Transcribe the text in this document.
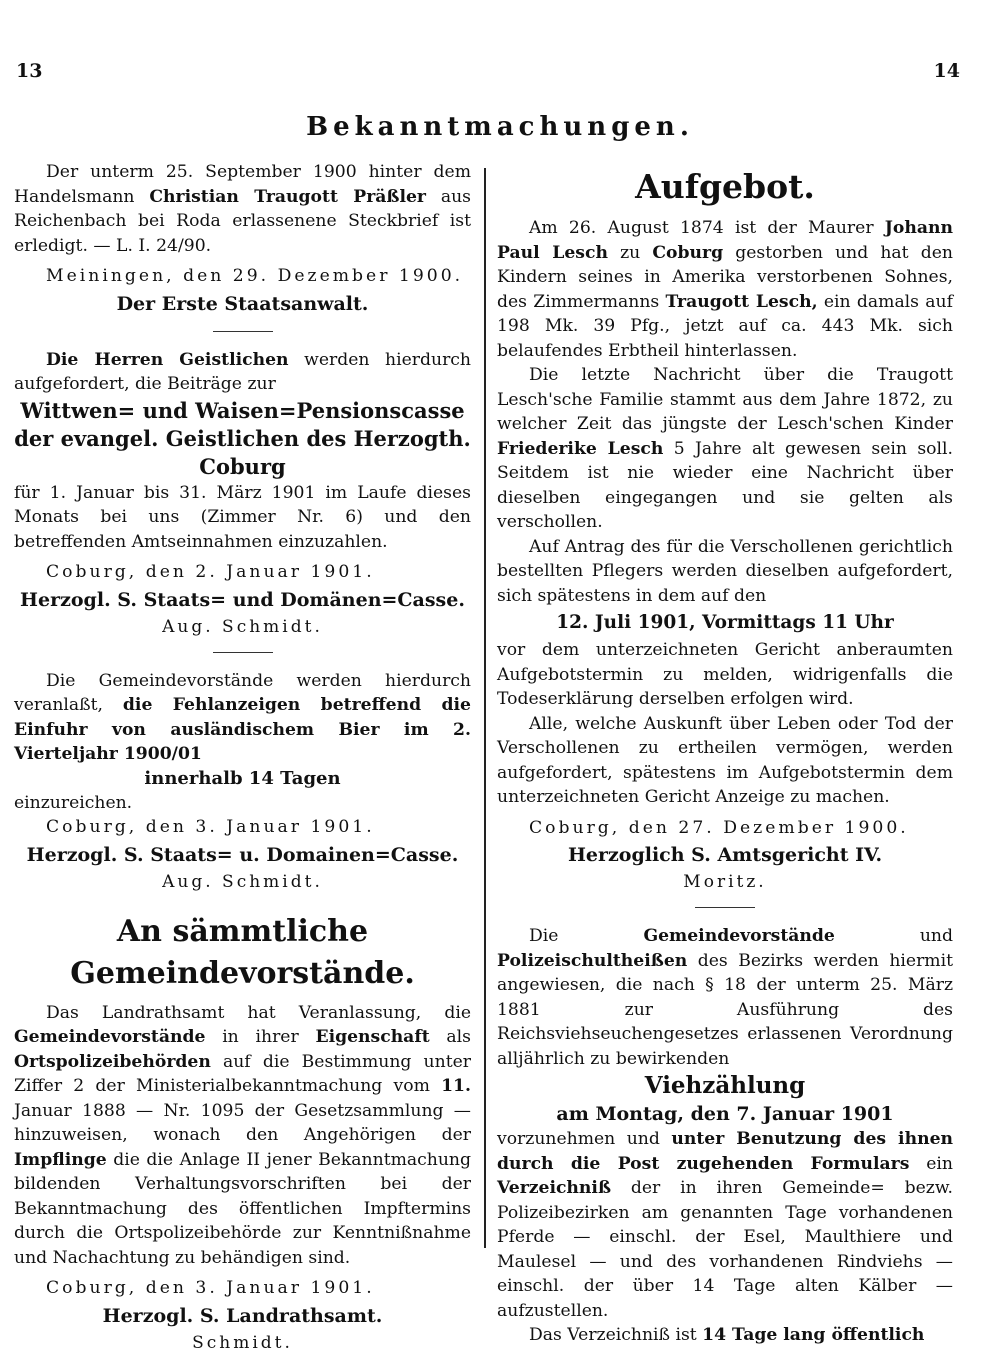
13	14
Bekanntmachungen.

Der unterm 25. September 1900 hinter dem Handelsmann Christian Traugott Präßler aus Reichenbach bei Roda erlassenene Steckbrief ist erledigt. — L. I. 24/90.

Meiningen, den 29. Dezember 1900.

Der Erste Staatsanwalt.

Die Herren Geistlichen werden hierdurch aufgefordert, die Beiträge zur

Wittwen= und Waisen=Pensionscasse
der evangel. Geistlichen des Herzogth. Coburg

für 1. Januar bis 31. März 1901 im Laufe dieses Monats bei uns (Zimmer Nr. 6) und den betreffenden Amtseinnahmen einzuzahlen.

Coburg, den 2. Januar 1901.

Herzogl. S. Staats= und Domänen=Casse.
Aug. Schmidt.

Die Gemeindevorstände werden hierdurch veranlaßt, die Fehlanzeigen betreffend die Einfuhr von ausländischem Bier im 2. Vierteljahr 1900/01

innerhalb 14 Tagen

einzureichen.

Coburg, den 3. Januar 1901.

Herzogl. S. Staats= u. Domainen=Casse.
Aug. Schmidt.
An sämmtliche Gemeindevorstände.

Das Landrathsamt hat Veranlassung, die Gemeindevorstände in ihrer Eigenschaft als Ortspolizeibehörden auf die Bestimmung unter Ziffer 2 der Ministerialbekanntmachung vom 11. Januar 1888 — Nr. 1095 der Gesetzsammlung — hinzuweisen, wonach den Angehörigen der Impflinge die die Anlage II jener Bekanntmachung bildenden Verhaltungsvorschriften bei der Bekanntmachung des öffentlichen Impftermins durch die Ortspolizeibehörde zur Kenntnißnahme und Nachachtung zu behändigen sind.

Coburg, den 3. Januar 1901.

Herzogl. S. Landrathsamt.
Schmidt.
Aufgebot.

Am 26. August 1874 ist der Maurer Johann Paul Lesch zu Coburg gestorben und hat den Kindern seines in Amerika verstorbenen Sohnes, des Zimmermanns Traugott Lesch, ein damals auf 198 Mk. 39 Pfg., jetzt auf ca. 443 Mk. sich belaufendes Erbtheil hinterlassen.

Die letzte Nachricht über die Traugott Lesch'sche Familie stammt aus dem Jahre 1872, zu welcher Zeit das jüngste der Lesch'schen Kinder Friederike Lesch 5 Jahre alt gewesen sein soll. Seitdem ist nie wieder eine Nachricht über dieselben eingegangen und sie gelten als verschollen.

Auf Antrag des für die Verschollenen gerichtlich bestellten Pflegers werden dieselben aufgefordert, sich spätestens in dem auf den

12. Juli 1901, Vormittags 11 Uhr

vor dem unterzeichneten Gericht anberaumten Aufgebotstermin zu melden, widrigenfalls die Todeserklärung derselben erfolgen wird.

Alle, welche Auskunft über Leben oder Tod der Verschollenen zu ertheilen vermögen, werden aufgefordert, spätestens im Aufgebotstermin dem unterzeichneten Gericht Anzeige zu machen.

Coburg, den 27. Dezember 1900.

Herzoglich S. Amtsgericht IV.
Moritz.

Die	Gemeindevorstände	und Polizeischultheißen des Bezirks werden hiermit angewiesen, die nach § 18 der unterm 25. März 1881 zur Ausführung des Reichsviehseuchengesetzes erlassenen Verordnung alljährlich zu bewirkenden

Viehzählung
am Montag, den 7. Januar 1901

vorzunehmen und unter Benutzung des ihnen durch die Post zugehenden Formulars ein Verzeichniß der in ihren Gemeinde= bezw. Polizeibezirken am genannten Tage vorhandenen Pferde — einschl. der Esel, Maulthiere und Maulesel — und des vorhandenen Rindviehs — einschl. der über 14 Tage alten Kälber — aufzustellen.

Das Verzeichniß ist 14 Tage lang öffentlich
